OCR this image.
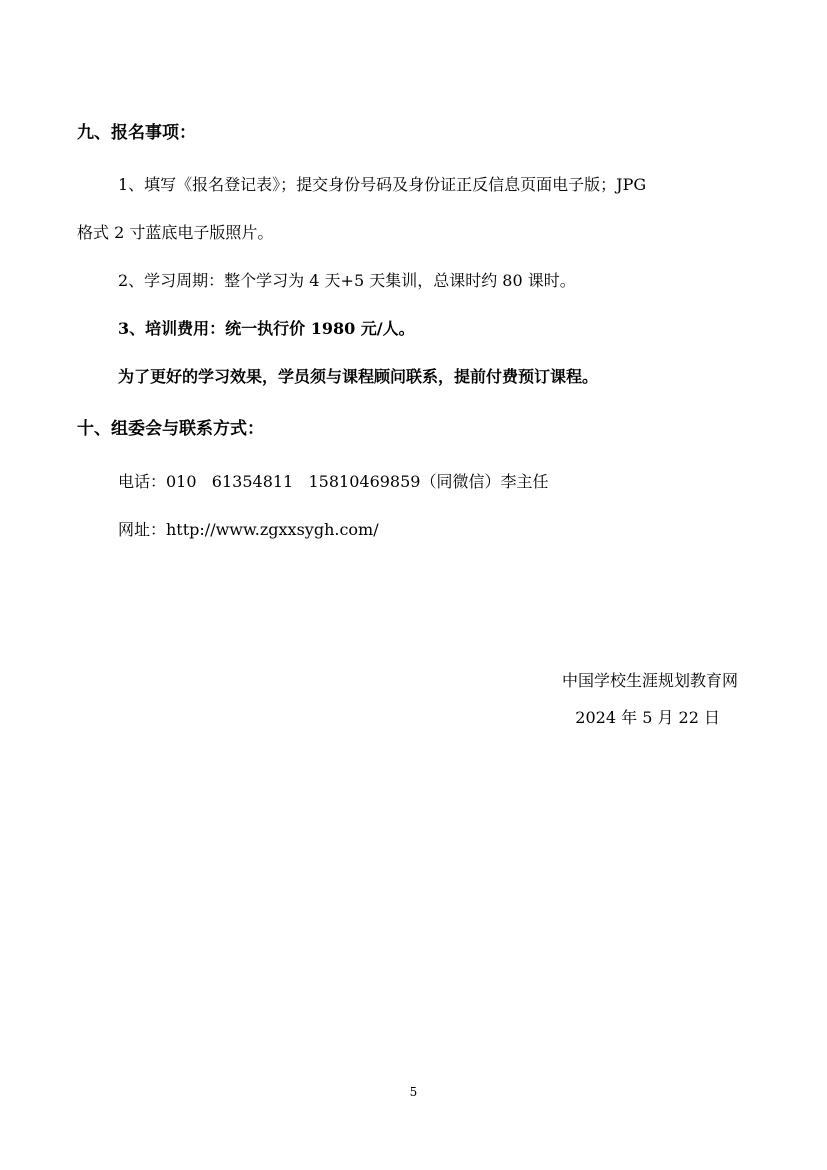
九、报名事项：
1、填写《报名登记表》；提交身份号码及身份证正反信息页面电子版；JPG
格式 2 寸蓝底电子版照片。
2、学习周期：整个学习为 4 天+5 天集训，总课时约 80 课时。
3、培训费用：统一执行价 1980 元/人。
为了更好的学习效果，学员须与课程顾问联系，提前付费预订课程。
十、组委会与联系方式：
电话：010   61354811   15810469859（同微信）李主任
网址：http://www.zgxxsygh.com/
中国学校生涯规划教育网
2024 年 5 月 22 日
5
